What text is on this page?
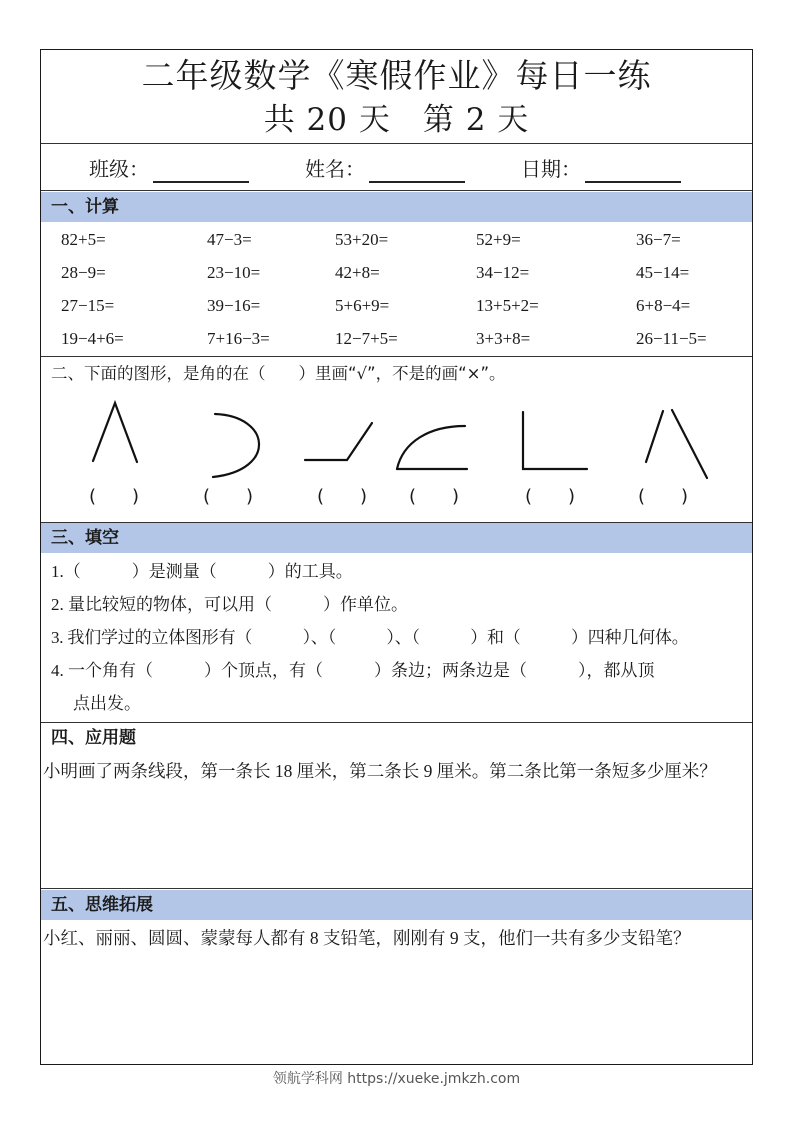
二年级数学《寒假作业》每日一练
共 20 天　第 2 天
班级：	姓名：	日期：
一、计算
82+5=	47−3=	53+20=	52+9=	36−7=
28−9=	23−10=	42+8=	34−12=	45−14=
27−15=	39−16=	5+6+9=	13+5+2=	6+8−4=
19−4+6=	7+16−3=	12−7+5=	3+3+8=	26−11−5=
二、下面的图形，是角的在（　　）里画“√”，不是的画“×”。
(　　)	(　　)	(　　) (　　)	(　　)	(　　)
三、填空
1.（　　　）是测量（　　　）的工具。
2. 量比较短的物体，可以用（　　　）作单位。
3. 我们学过的立体图形有（　　　）、（　　　）、（　　　）和（　　　）四种几何体。
4. 一个角有（　　　）个顶点，有（　　　）条边；两条边是（　　　），都从顶
点出发。
四、应用题
小明画了两条线段，第一条长 18 厘米，第二条长 9 厘米。第二条比第一条短多少厘米？
五、思维拓展
小红、丽丽、圆圆、蒙蒙每人都有 8 支铅笔，刚刚有 9 支，他们一共有多少支铅笔？
领航学科网 https://xueke.jmkzh.com
